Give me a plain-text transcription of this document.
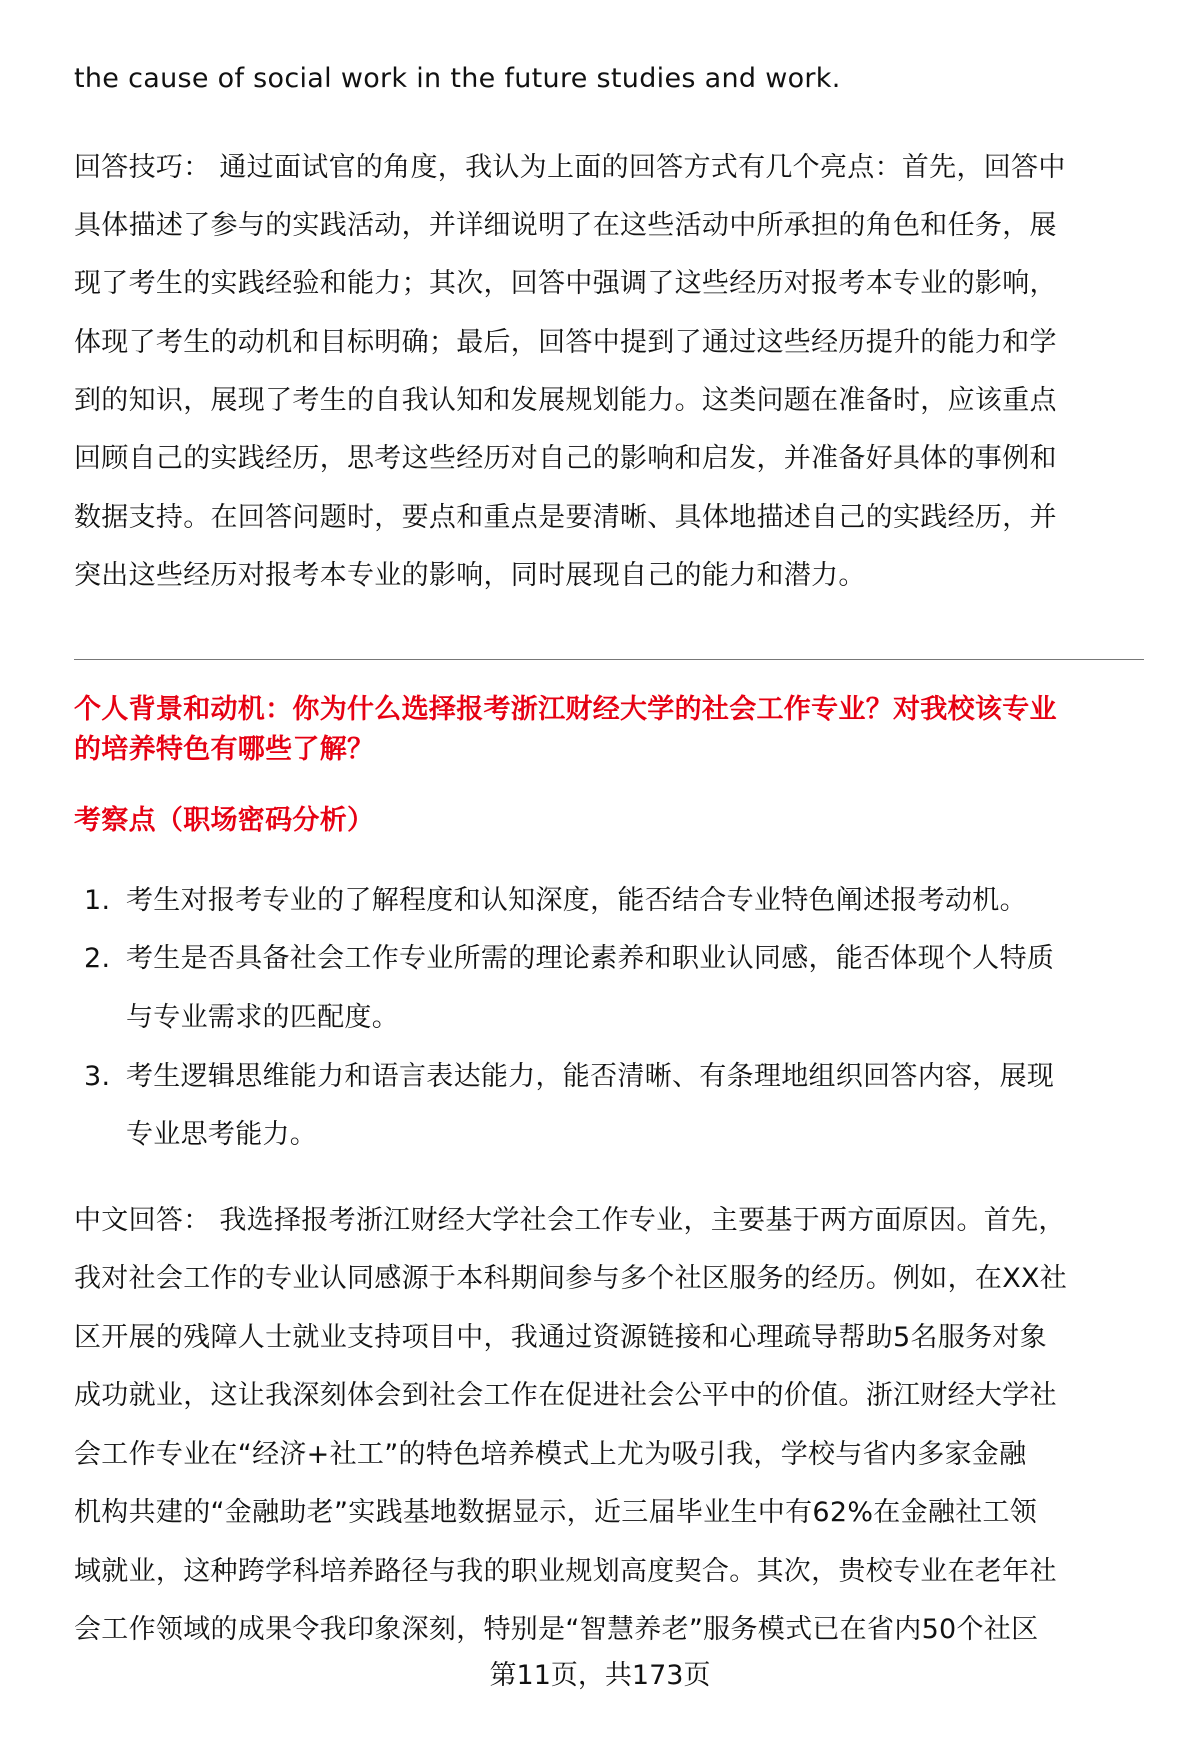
the cause of social work in the future studies and work.
回答技巧： 通过面试官的角度，我认为上面的回答方式有几个亮点：首先，回答中
具体描述了参与的实践活动，并详细说明了在这些活动中所承担的角色和任务，展
现了考生的实践经验和能力；其次，回答中强调了这些经历对报考本专业的影响，
体现了考生的动机和目标明确；最后，回答中提到了通过这些经历提升的能力和学
到的知识，展现了考生的自我认知和发展规划能力。这类问题在准备时，应该重点
回顾自己的实践经历，思考这些经历对自己的影响和启发，并准备好具体的事例和
数据支持。在回答问题时，要点和重点是要清晰、具体地描述自己的实践经历，并
突出这些经历对报考本专业的影响，同时展现自己的能力和潜力。
个人背景和动机：你为什么选择报考浙江财经大学的社会工作专业？对我校该专业
的培养特色有哪些了解？
考察点（职场密码分析）
1. 考生对报考专业的了解程度和认知深度，能否结合专业特色阐述报考动机。
2. 考生是否具备社会工作专业所需的理论素养和职业认同感，能否体现个人特质
与专业需求的匹配度。
3. 考生逻辑思维能力和语言表达能力，能否清晰、有条理地组织回答内容，展现
专业思考能力。
中文回答： 我选择报考浙江财经大学社会工作专业，主要基于两方面原因。首先，
我对社会工作的专业认同感源于本科期间参与多个社区服务的经历。例如，在XX社
区开展的残障人士就业支持项目中，我通过资源链接和心理疏导帮助5名服务对象
成功就业，这让我深刻体会到社会工作在促进社会公平中的价值。浙江财经大学社
会工作专业在“经济+社工”的特色培养模式上尤为吸引我，学校与省内多家金融
机构共建的“金融助老”实践基地数据显示，近三届毕业生中有62%在金融社工领
域就业，这种跨学科培养路径与我的职业规划高度契合。其次，贵校专业在老年社
会工作领域的成果令我印象深刻，特别是“智慧养老”服务模式已在省内50个社区
第11页，共173页
